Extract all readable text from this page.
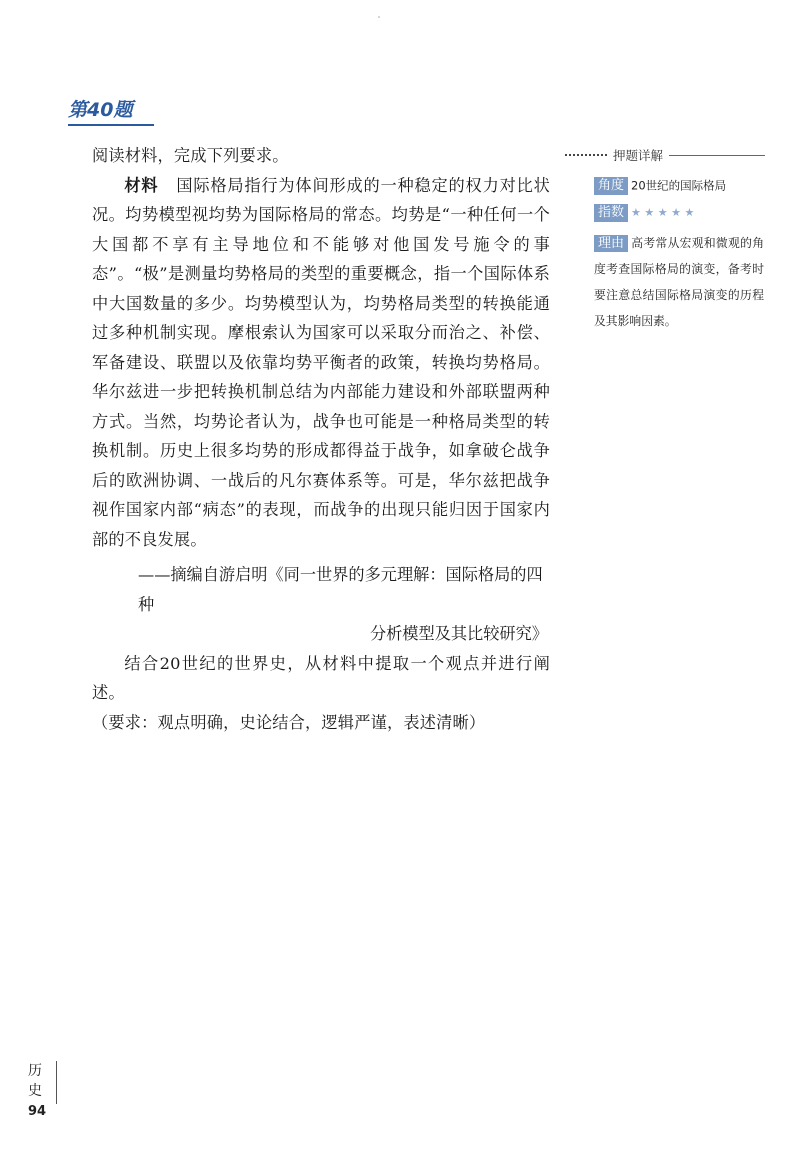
第40题

阅读材料，完成下列要求。

材料 国际格局指行为体间形成的一种稳定的权力对比状况。均势模型视均势为国际格局的常态。均势是“一种任何一个大国都不享有主导地位和不能够对他国发号施令的事态”。“极”是测量均势格局的类型的重要概念，指一个国际体系中大国数量的多少。均势模型认为，均势格局类型的转换能通过多种机制实现。摩根索认为国家可以采取分而治之、补偿、军备建设、联盟以及依靠均势平衡者的政策，转换均势格局。华尔兹进一步把转换机制总结为内部能力建设和外部联盟两种方式。当然，均势论者认为，战争也可能是一种格局类型的转换机制。历史上很多均势的形成都得益于战争，如拿破仑战争后的欧洲协调、一战后的凡尔赛体系等。可是，华尔兹把战争视作国家内部“病态”的表现，而战争的出现只能归因于国家内部的不良发展。

——摘编自游启明《同一世界的多元理解：国际格局的四种
分析模型及其比较研究》

结合20世纪的世界史，从材料中提取一个观点并进行阐述。

（要求：观点明确，史论结合，逻辑严谨，表述清晰）

押题详解
角度 20世纪的国际格局
指数 ★ ★ ★ ★ ★
理由 高考常从宏观和微观的角度考查国际格局的演变，备考时要注意总结国际格局演变的历程及其影响因素。
历
史
94
